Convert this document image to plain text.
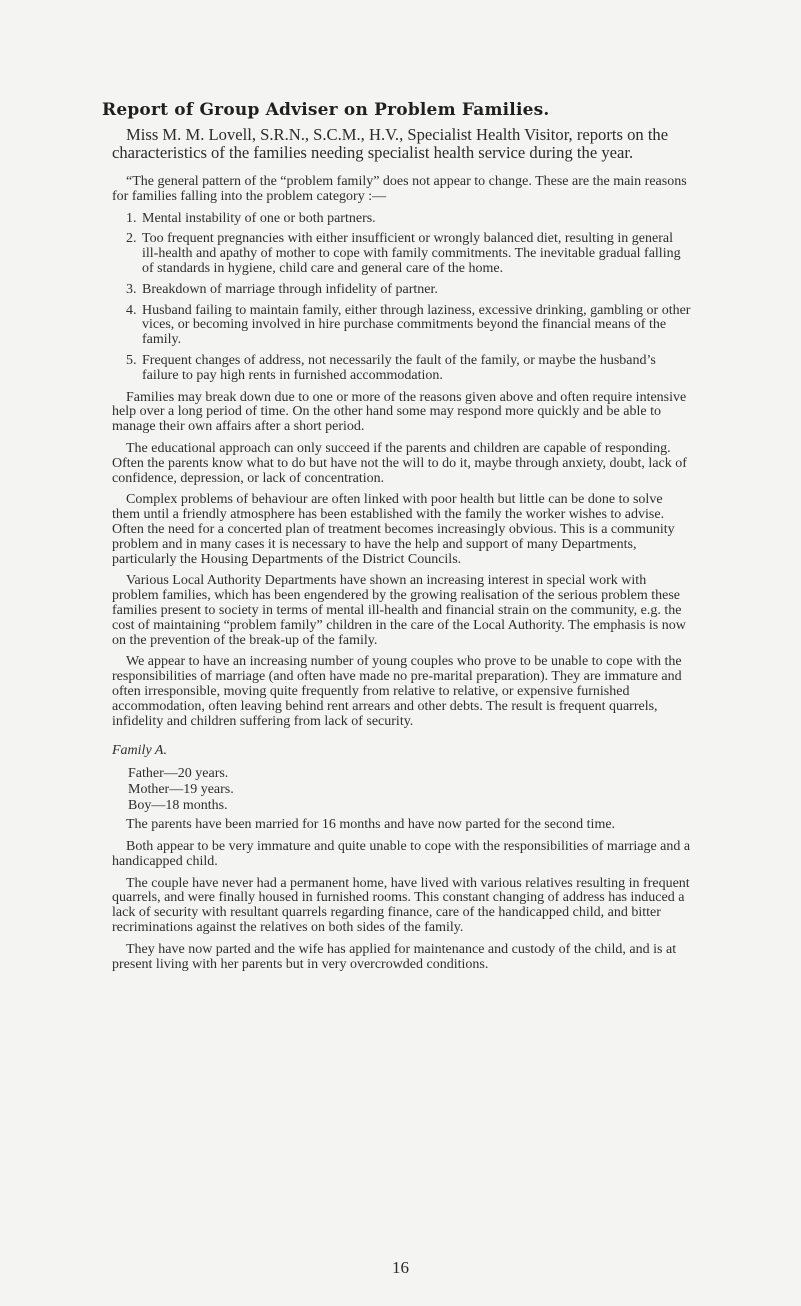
Report of Group Adviser on Problem Families.

Miss M. M. Lovell, S.R.N., S.C.M., H.V., Specialist Health Visitor, reports on the characteristics of the families needing specialist health service during the year.

“The general pattern of the “problem family” does not appear to change. These are the main reasons for families falling into the problem category :—

1. Mental instability of one or both partners.
2. Too frequent pregnancies with either insufficient or wrongly balanced diet, resulting in general ill-health and apathy of mother to cope with family commitments. The inevitable gradual falling of standards in hygiene, child care and general care of the home.
3. Breakdown of marriage through infidelity of partner.
4. Husband failing to maintain family, either through laziness, excessive drinking, gambling or other vices, or becoming involved in hire purchase commitments beyond the financial means of the family.
5. Frequent changes of address, not necessarily the fault of the family, or maybe the husband’s failure to pay high rents in furnished accommodation.

Families may break down due to one or more of the reasons given above and often require intensive help over a long period of time. On the other hand some may respond more quickly and be able to manage their own affairs after a short period.

The educational approach can only succeed if the parents and children are capable of responding. Often the parents know what to do but have not the will to do it, maybe through anxiety, doubt, lack of confidence, depression, or lack of concentration.

Complex problems of behaviour are often linked with poor health but little can be done to solve them until a friendly atmosphere has been established with the family the worker wishes to advise. Often the need for a concerted plan of treatment becomes increasingly obvious. This is a community problem and in many cases it is necessary to have the help and support of many Departments, particularly the Housing Departments of the District Councils.

Various Local Authority Departments have shown an increasing interest in special work with problem families, which has been engendered by the growing realisation of the serious problem these families present to society in terms of mental ill-health and financial strain on the community, e.g. the cost of maintaining “problem family” children in the care of the Local Authority. The emphasis is now on the prevention of the break-up of the family.

We appear to have an increasing number of young couples who prove to be unable to cope with the responsibilities of marriage (and often have made no pre-marital preparation). They are immature and often irresponsible, moving quite frequently from relative to relative, or expensive furnished accommodation, often leaving behind rent arrears and other debts. The result is frequent quarrels, infidelity and children suffering from lack of security.

Family A.
Father—20 years.
Mother—19 years.
Boy—18 months.

The parents have been married for 16 months and have now parted for the second time.

Both appear to be very immature and quite unable to cope with the responsibilities of marriage and a handicapped child.

The couple have never had a permanent home, have lived with various relatives resulting in frequent quarrels, and were finally housed in furnished rooms. This constant changing of address has induced a lack of security with resultant quarrels regarding finance, care of the handicapped child, and bitter recriminations against the relatives on both sides of the family.

They have now parted and the wife has applied for maintenance and custody of the child, and is at present living with her parents but in very overcrowded conditions.

16
